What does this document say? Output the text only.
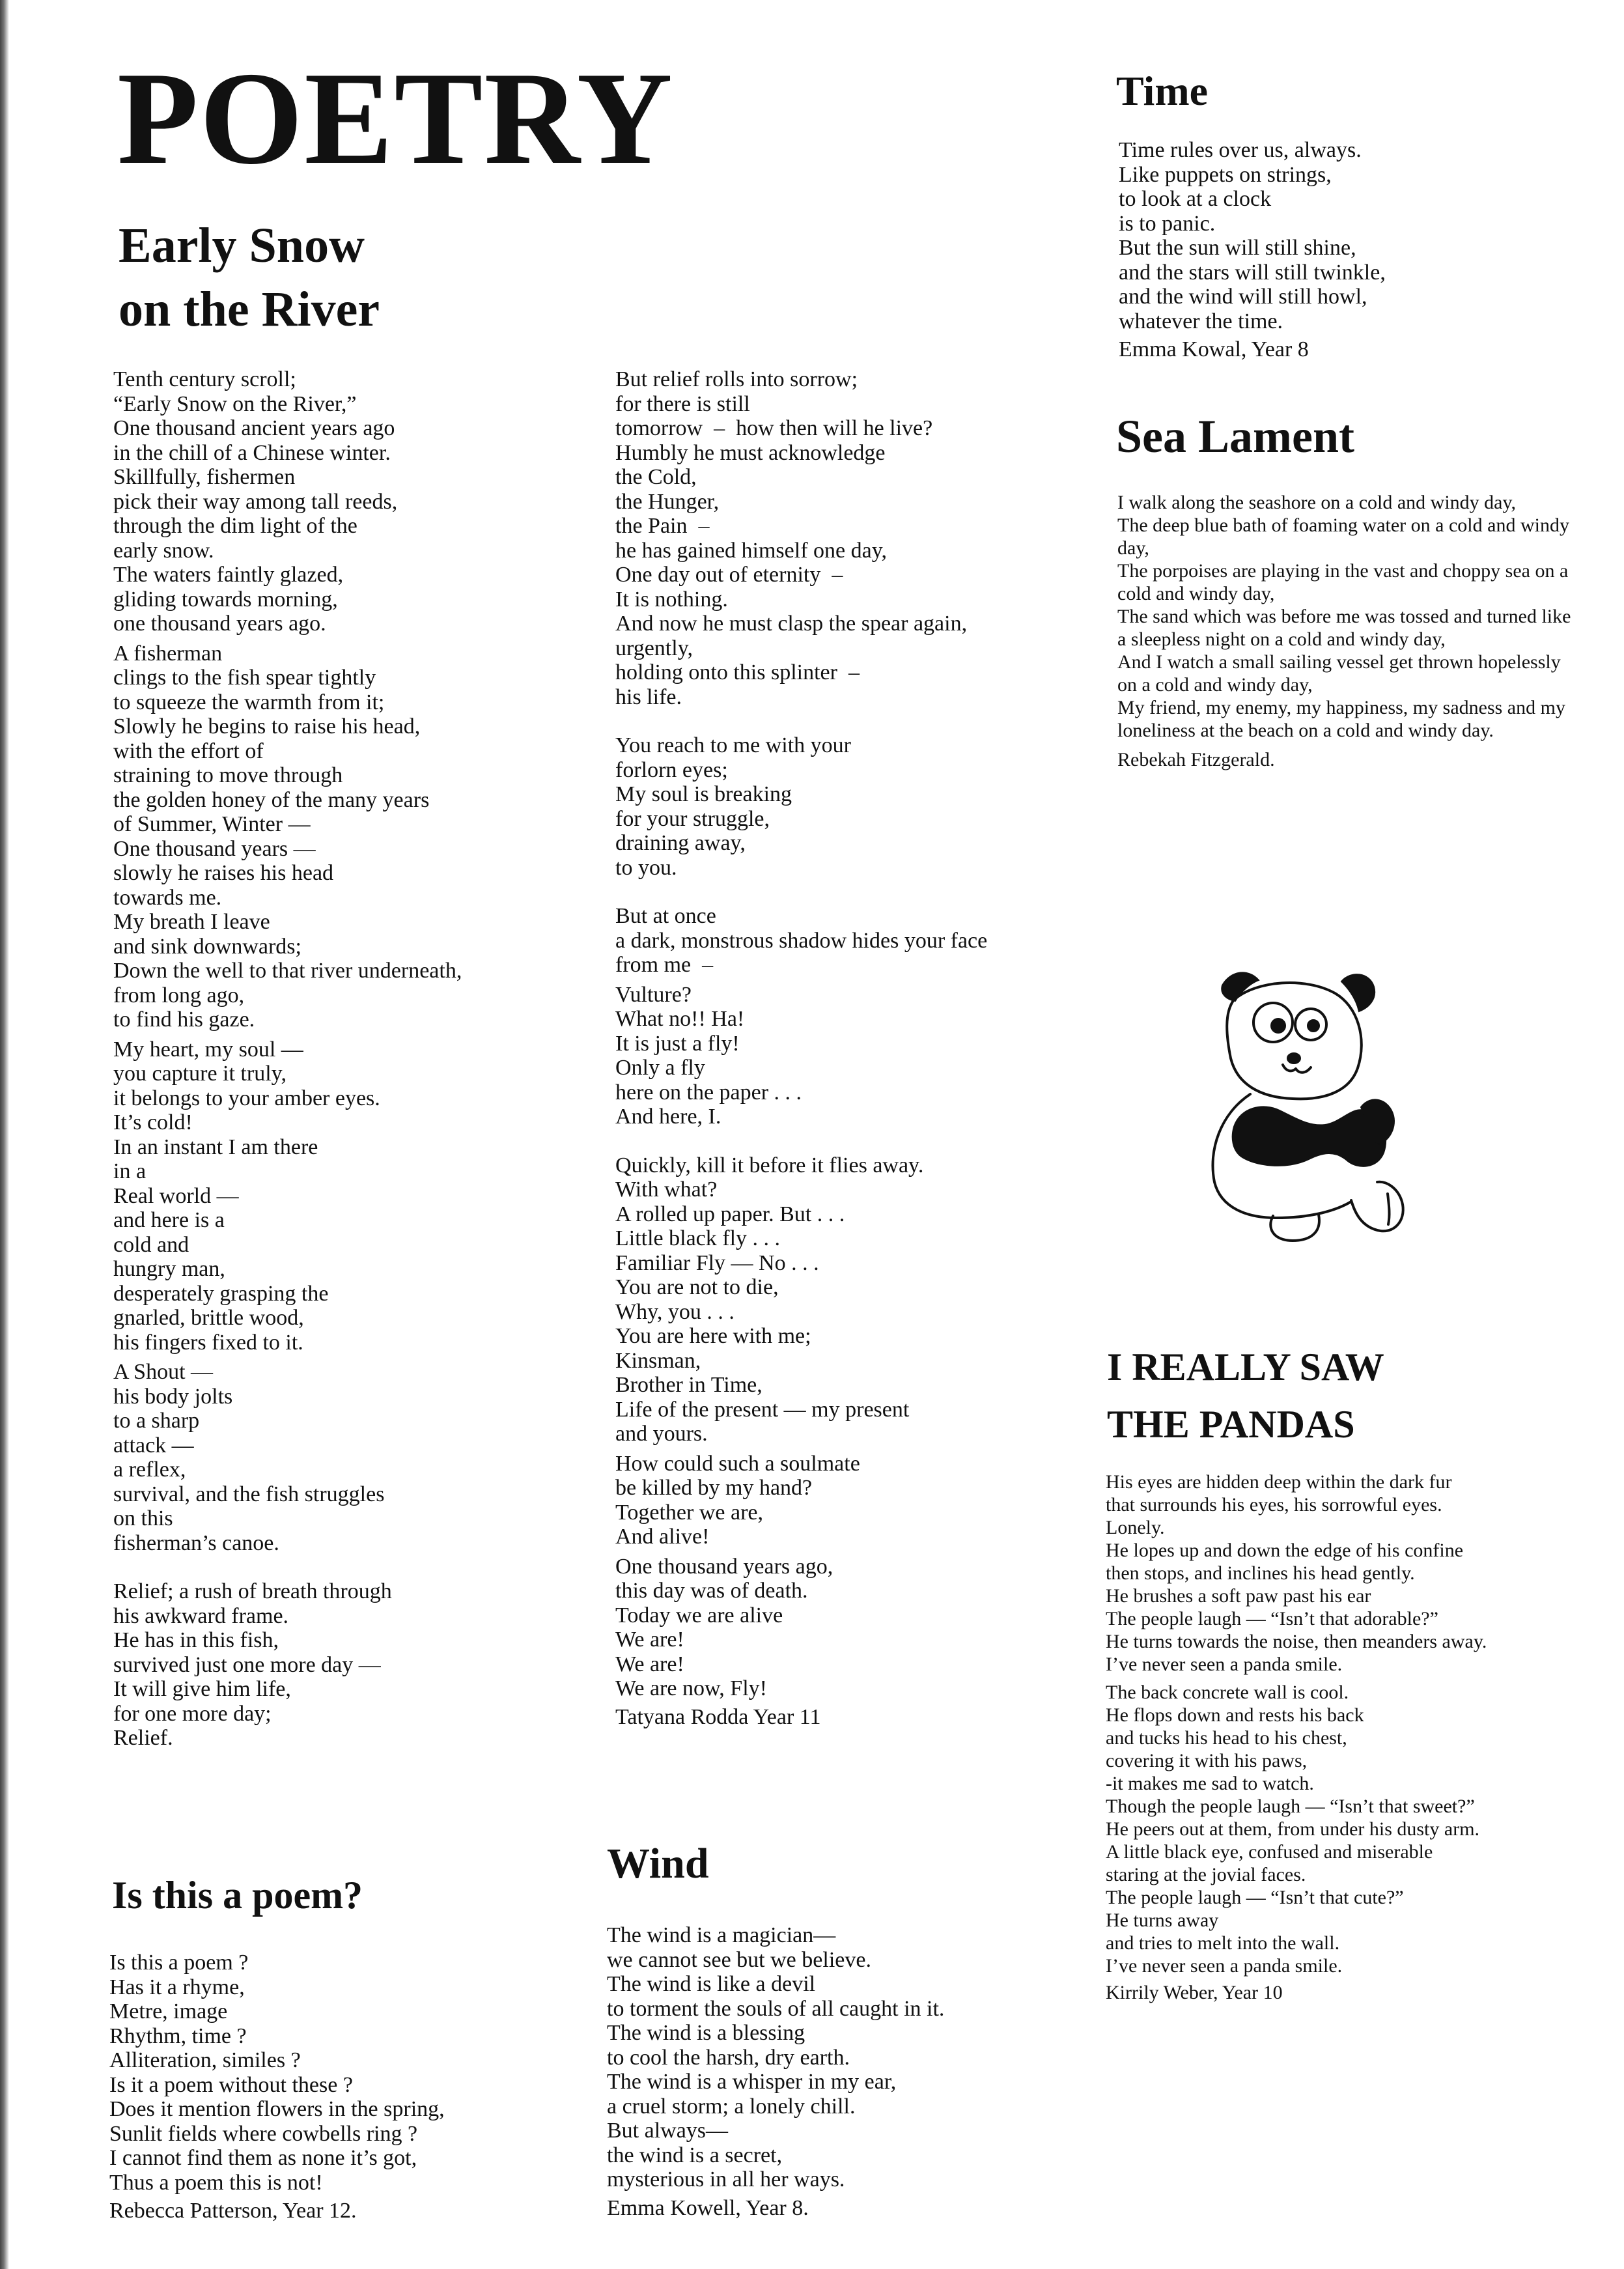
POETRY
Early Snow
on the River

Tenth century scroll;
“Early Snow on the River,”
One thousand ancient years ago
in the chill of a Chinese winter.
Skillfully, fishermen
pick their way among tall reeds,
through the dim light of the
early snow.
The waters faintly glazed,
gliding towards morning,
one thousand years ago.

A fisherman
clings to the fish spear tightly
to squeeze the warmth from it;
Slowly he begins to raise his head,
with the effort of
straining to move through
the golden honey of the many years
of Summer, Winter —
One thousand years —
slowly he raises his head
towards me.
My breath I leave
and sink downwards;
Down the well to that river underneath,
from long ago,
to find his gaze.

My heart, my soul —
you capture it truly,
it belongs to your amber eyes.
It’s cold!
In an instant I am there
in a
Real world —
and here is a
cold and
hungry man,
desperately grasping the
gnarled, brittle wood,
his fingers fixed to it.

A Shout —
his body jolts
to a sharp
attack —
a reflex,
survival, and the fish struggles
on this
fisherman’s canoe.

Relief; a rush of breath through
his awkward frame.
He has in this fish,
survived just one more day —
It will give him life,
for one more day;
Relief.

But relief rolls into sorrow;
for there is still
tomorrow  –  how then will he live?
Humbly he must acknowledge
the Cold,
the Hunger,
the Pain  –
he has gained himself one day,
One day out of eternity  –
It is nothing.
And now he must clasp the spear again,
urgently,
holding onto this splinter  –
his life.

You reach to me with your
forlorn eyes;
My soul is breaking
for your struggle,
draining away,
to you.

But at once
a dark, monstrous shadow hides your face
from me  –

Vulture?
What no!! Ha!
It is just a fly!
Only a fly
here on the paper . . .
And here, I.

Quickly, kill it before it flies away.
With what?
A rolled up paper. But . . .
Little black fly . . .
Familiar Fly — No . . .
You are not to die,
Why, you . . .
You are here with me;
Kinsman,
Brother in Time,
Life of the present — my present
and yours.

How could such a soulmate
be killed by my hand?
Together we are,
And alive!

One thousand years ago,
this day was of death.
Today we are alive
We are!
We are!
We are now, Fly!

Tatyana Rodda Year 11

Time

Time rules over us, always.
Like puppets on strings,
to look at a clock
is to panic.
But the sun will still shine,
and the stars will still twinkle,
and the wind will still howl,
whatever the time.

Emma Kowal, Year 8

Sea Lament

I walk along the seashore on a cold and windy day,

The deep blue bath of foaming water on a cold and windy day,

The porpoises are playing in the vast and choppy sea on a cold and windy day,

The sand which was before me was tossed and turned like a sleepless night on a cold and windy day,

And I watch a small sailing vessel get thrown hopelessly on a cold and windy day,

My friend, my enemy, my happiness, my sadness and my loneliness at the beach on a cold and windy day.

Rebekah Fitzgerald.

I REALLY SAW
THE PANDAS

His eyes are hidden deep within the dark fur

that surrounds his eyes, his sorrowful eyes.

Lonely.

He lopes up and down the edge of his confine

then stops, and inclines his head gently.

He brushes a soft paw past his ear

The people laugh — “Isn’t that adorable?”

He turns towards the noise, then meanders away.

I’ve never seen a panda smile.

The back concrete wall is cool.
He flops down and rests his back
and tucks his head to his chest,
covering it with his paws,
-it makes me sad to watch.
Though the people laugh — “Isn’t that sweet?”
He peers out at them, from under his dusty arm.
A little black eye, confused and miserable
staring at the jovial faces.
The people laugh — “Isn’t that cute?”
He turns away
and tries to melt into the wall.
I’ve never seen a panda smile.

Kirrily Weber, Year 10

Is this a poem?

Is this a poem ?
Has it a rhyme,
Metre, image
Rhythm, time ?
Alliteration, similes ?
Is it a poem without these ?
Does it mention flowers in the spring,
Sunlit fields where cowbells ring ?
I cannot find them as none it’s got,
Thus a poem this is not!

Rebecca Patterson, Year 12.

Wind

The wind is a magician—
we cannot see but we believe.
The wind is like a devil
to torment the souls of all caught in it.
The wind is a blessing
to cool the harsh, dry earth.
The wind is a whisper in my ear,
a cruel storm; a lonely chill.
But always—
the wind is a secret,
mysterious in all her ways.

Emma Kowell, Year 8.
